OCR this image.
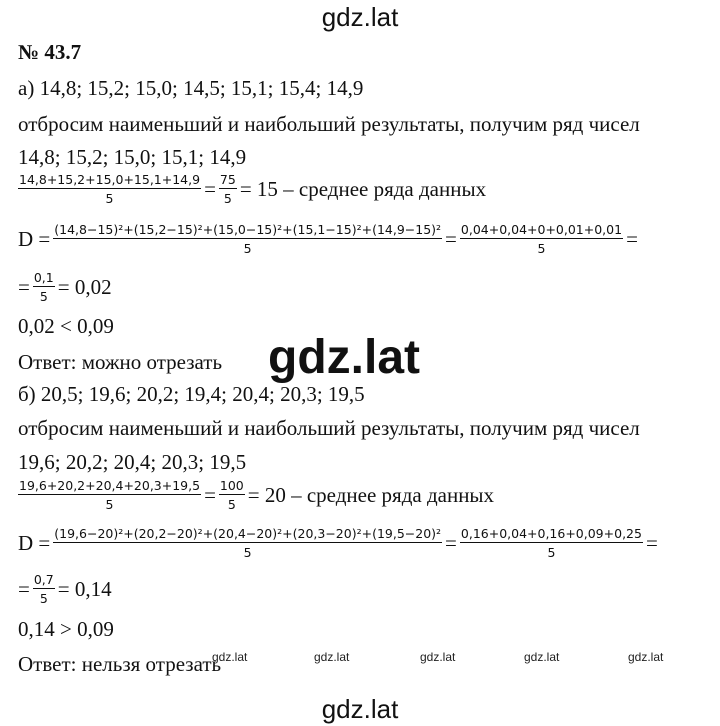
gdz.lat
№ 43.7
а) 14,8; 15,2; 15,0; 14,5; 15,1; 15,4; 14,9
отбросим наименьший и наибольший результаты, получим ряд чисел
14,8; 15,2; 15,0; 15,1; 14,9
$\frac{14,8+15,2+15,0+15,1+14,9}{5} = \frac{75}{5} = 15$ – среднее ряда данных
$D = \frac{\text{(14,8−15)²+(15,2−15)²+(15,0−15)²+(15,1−15)²+(14,9−15)²}}{5} = \frac{0,04+0,04+0+0,01+0,01}{5}$ =
= $\frac{0,1}{5} = 0,02$
0,02 < 0,09
Ответ: можно отрезать
б) 20,5; 19,6; 20,2; 19,4; 20,4; 20,3; 19,5
отбросим наименьший и наибольший результаты, получим ряд чисел
19,6; 20,2; 20,4; 20,3; 19,5
$\frac{19,6+20,2+20,4+20,3+19,5}{5} = \frac{100}{5} = 20$ – среднее ряда данных
$D = \frac{\text{(19,6−20)²+(20,2−20)²+(20,4−20)²+(20,3−20)²+(19,5−20)²}}{5} = \frac{0,16+0,04+0,16+0,09+0,25}{5}$ =
= $\frac{0,7}{5} = 0,14$
0,14 > 0,09
Ответ: нельзя отрезать
gdz.lat
gdz.lat	gdz.lat	gdz.lat	gdz.lat	gdz.lat
gdz.lat
